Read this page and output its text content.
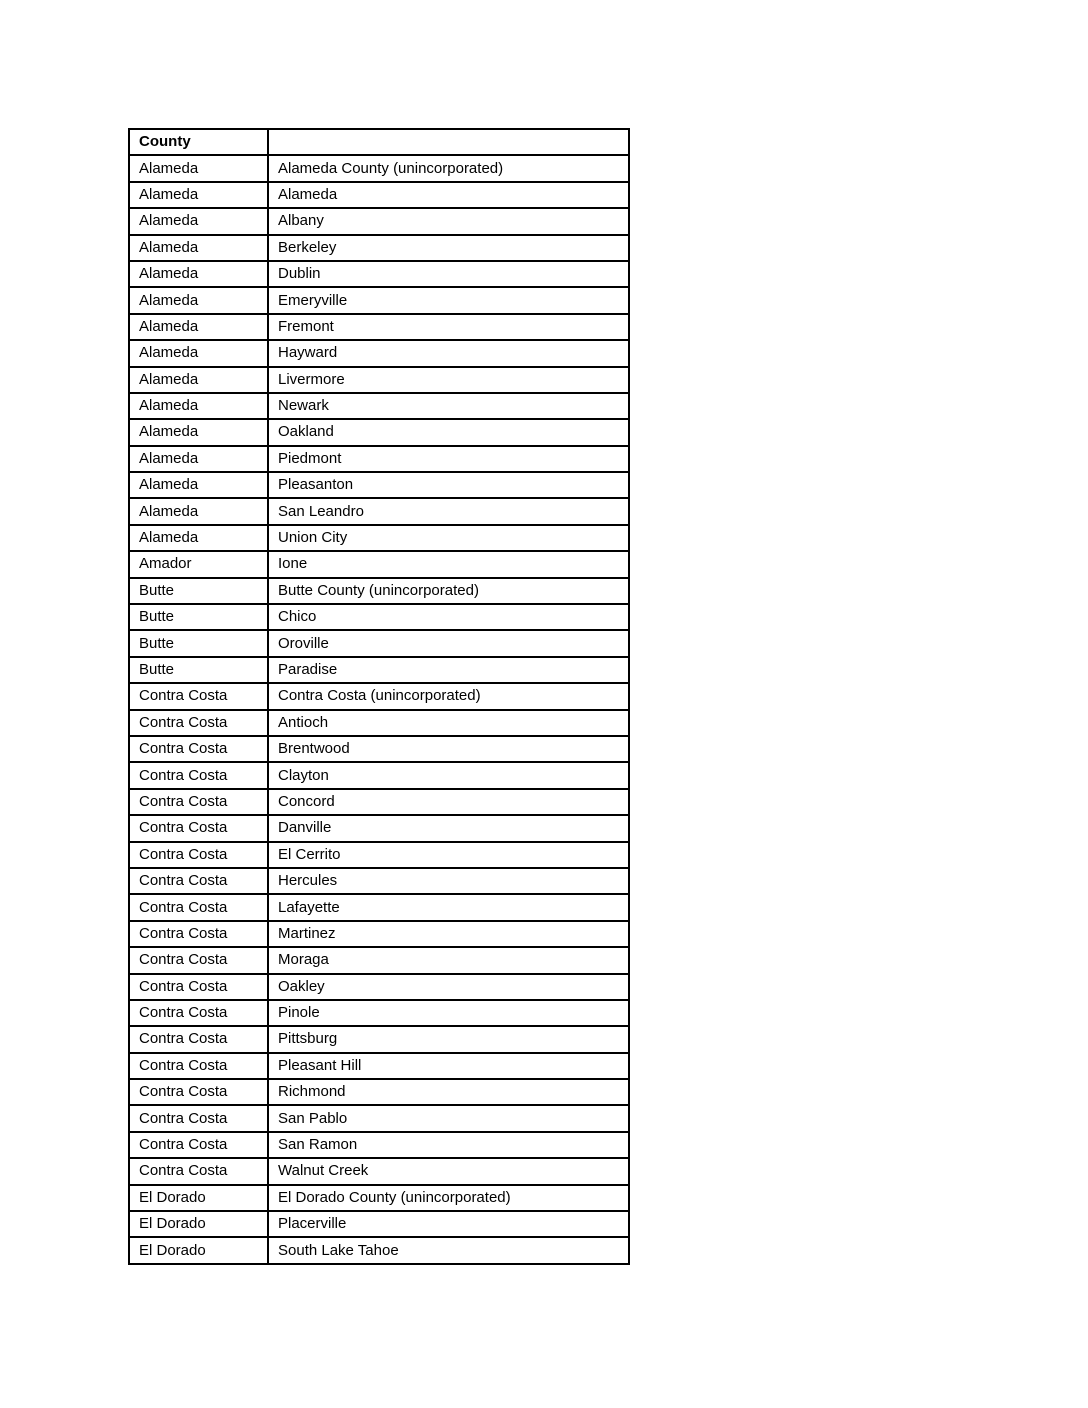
County	
Alameda	Alameda County (unincorporated)
Alameda	Alameda
Alameda	Albany
Alameda	Berkeley
Alameda	Dublin
Alameda	Emeryville
Alameda	Fremont
Alameda	Hayward
Alameda	Livermore
Alameda	Newark
Alameda	Oakland
Alameda	Piedmont
Alameda	Pleasanton
Alameda	San Leandro
Alameda	Union City
Amador	Ione
Butte	Butte County (unincorporated)
Butte	Chico
Butte	Oroville
Butte	Paradise
Contra Costa	Contra Costa (unincorporated)
Contra Costa	Antioch
Contra Costa	Brentwood
Contra Costa	Clayton
Contra Costa	Concord
Contra Costa	Danville
Contra Costa	El Cerrito
Contra Costa	Hercules
Contra Costa	Lafayette
Contra Costa	Martinez
Contra Costa	Moraga
Contra Costa	Oakley
Contra Costa	Pinole
Contra Costa	Pittsburg
Contra Costa	Pleasant Hill
Contra Costa	Richmond
Contra Costa	San Pablo
Contra Costa	San Ramon
Contra Costa	Walnut Creek
El Dorado	El Dorado County (unincorporated)
El Dorado	Placerville
El Dorado	South Lake Tahoe
